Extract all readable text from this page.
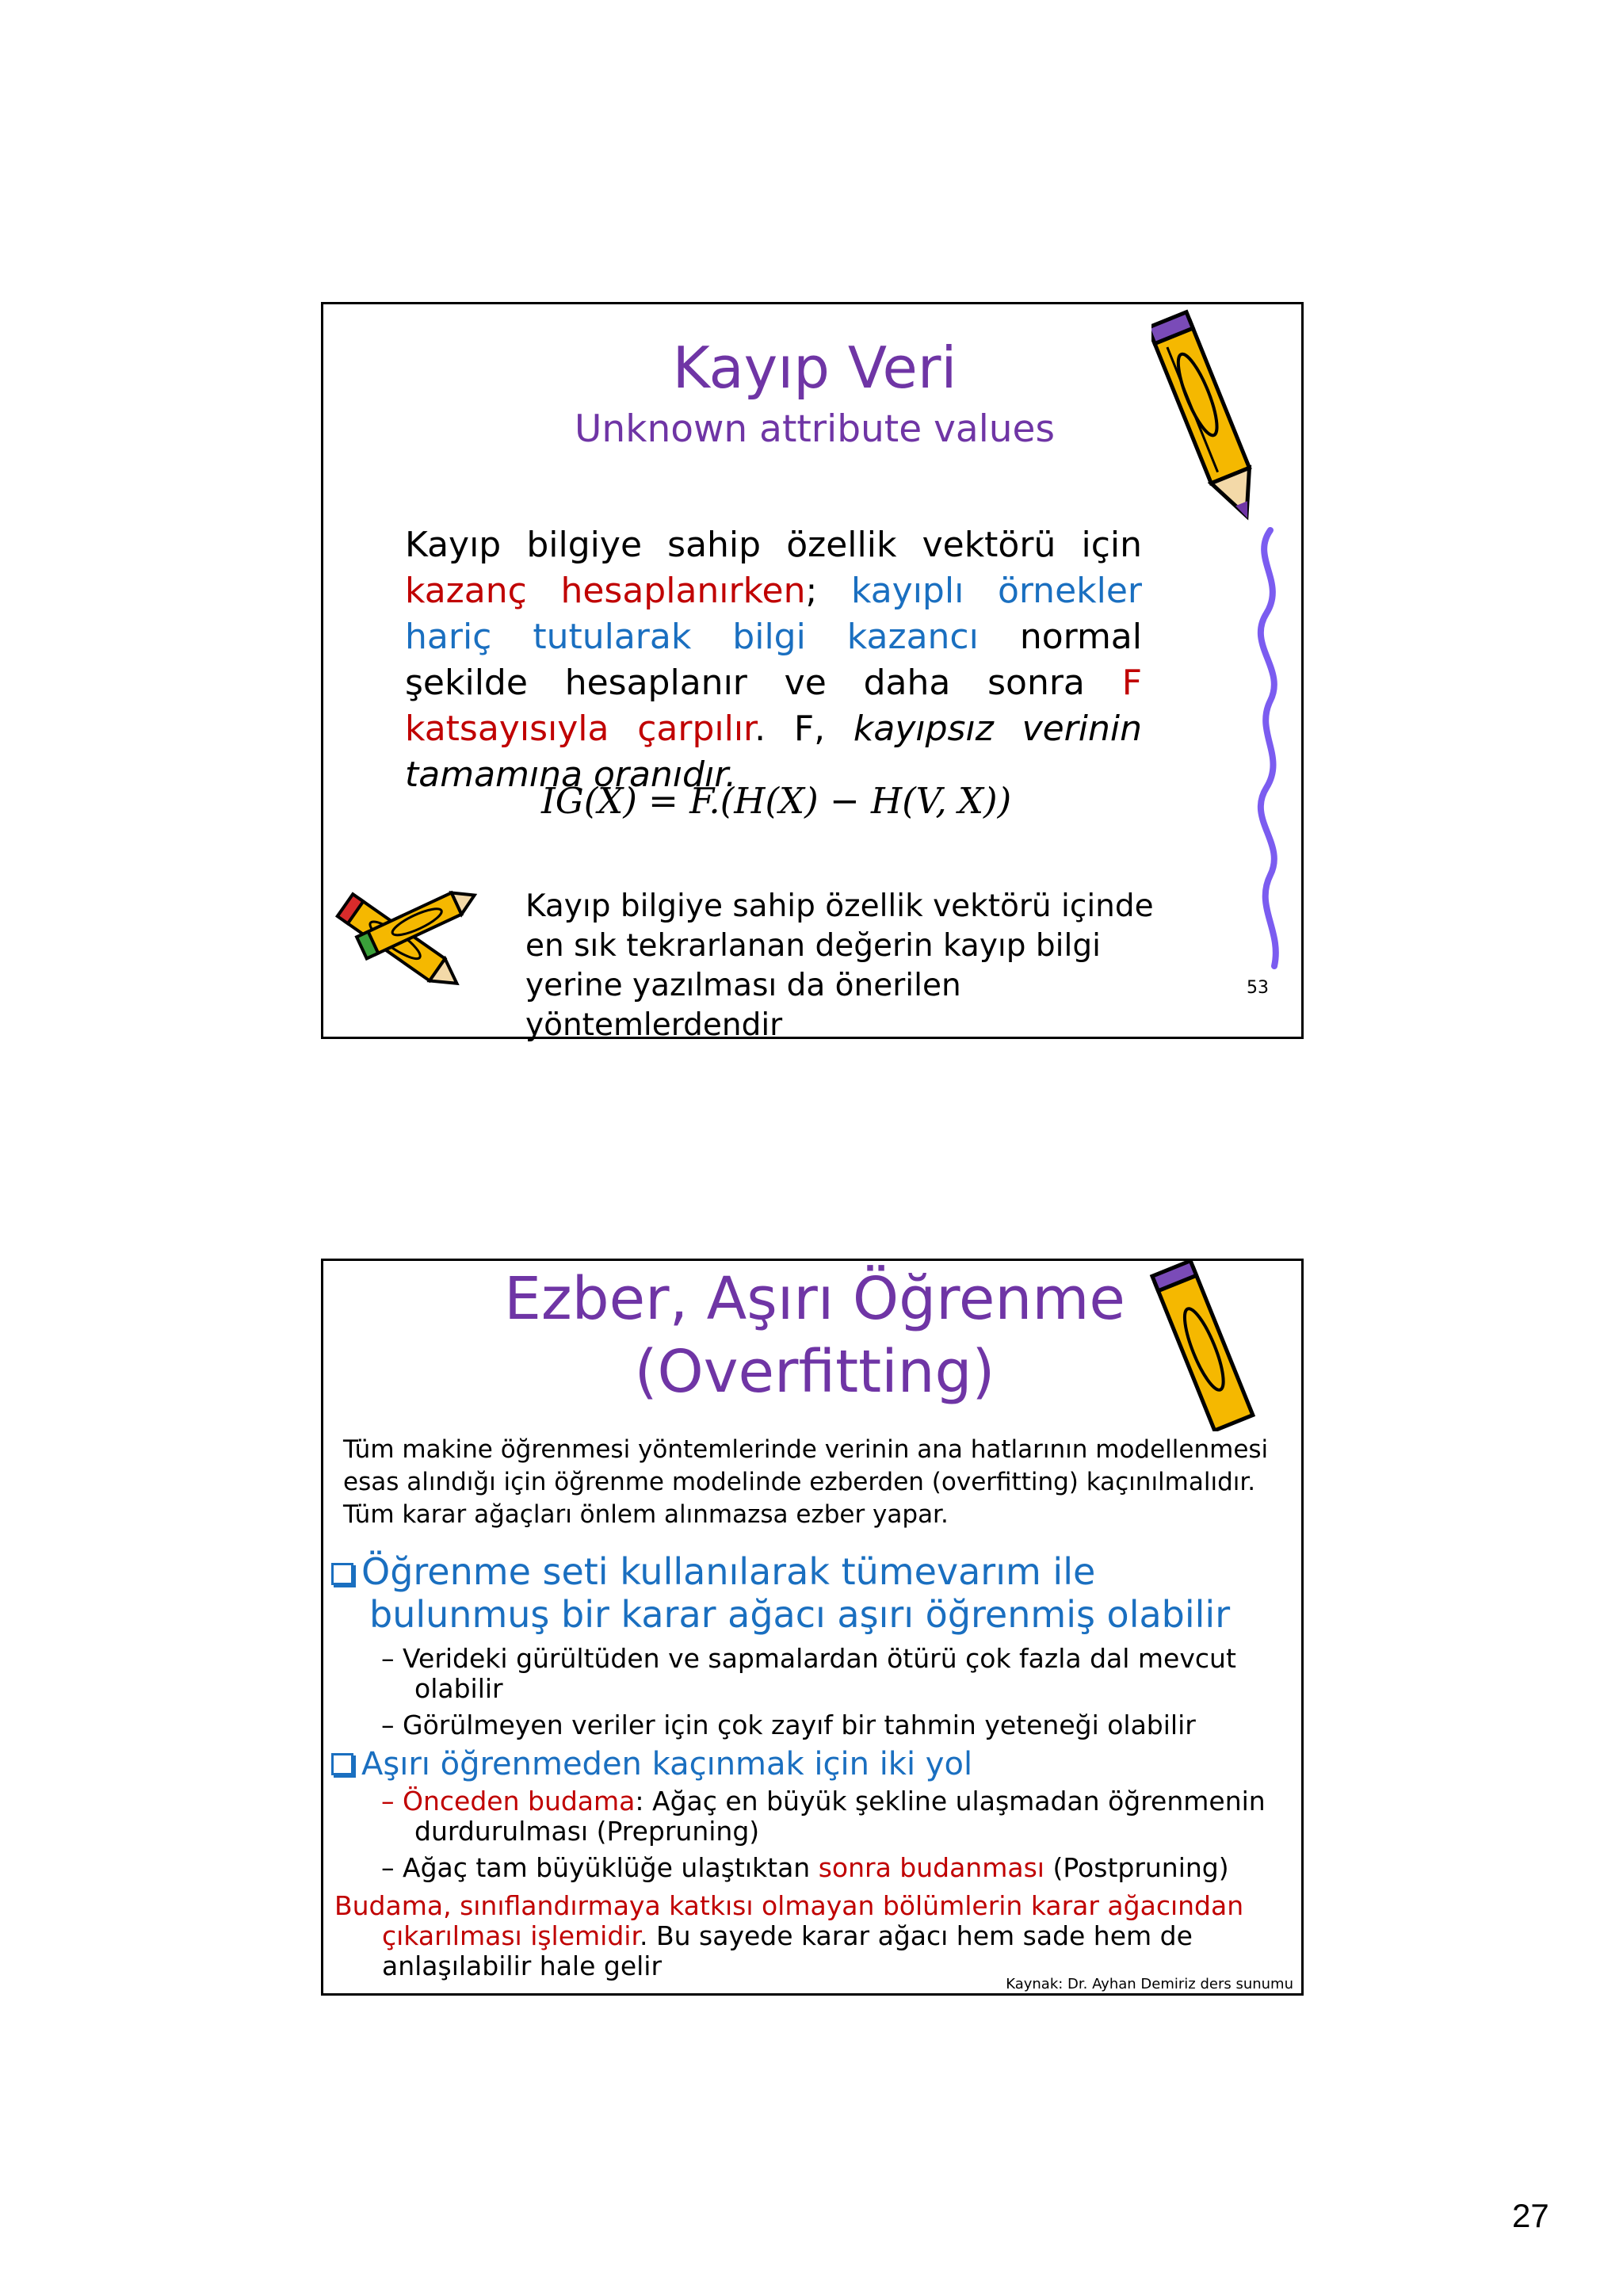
Kayıp Veri
Unknown attribute values
Kayıp bilgiye sahip özellik vektörü için kazanç hesaplanırken; kayıplı örnekler hariç tutularak bilgi kazancı normal şekilde hesaplanır ve daha sonra F katsayısıyla çarpılır. F, kayıpsız verinin tamamına oranıdır.
IG(X) = F.(H(X) − H(V, X))
Kayıp bilgiye sahip özellik vektörü içinde en sık tekrarlanan değerin kayıp bilgi yerine yazılması da önerilen yöntemlerdendir
53
Ezber, Aşırı Öğrenme
(Overfitting)
Tüm makine öğrenmesi yöntemlerinde verinin ana hatlarının modellenmesi esas alındığı için öğrenme modelinde ezberden (overfitting) kaçınılmalıdır. Tüm karar ağaçları önlem alınmazsa ezber yapar.
Öğrenme seti kullanılarak tümevarım ile bulunmuş bir karar ağacı aşırı öğrenmiş olabilir
– Verideki gürültüden ve sapmalardan ötürü çok fazla dal mevcut olabilir
– Görülmeyen veriler için çok zayıf bir tahmin yeteneği olabilir
Aşırı öğrenmeden kaçınmak için iki yol
– Önceden budama: Ağaç en büyük şekline ulaşmadan öğrenmenin durdurulması (Prepruning)
– Ağaç tam büyüklüğe ulaştıktan sonra budanması (Postpruning)
Budama, sınıflandırmaya katkısı olmayan bölümlerin karar ağacından çıkarılması işlemidir. Bu sayede karar ağacı hem sade hem de anlaşılabilir hale gelir
Kaynak: Dr. Ayhan Demiriz ders sunumu
27
